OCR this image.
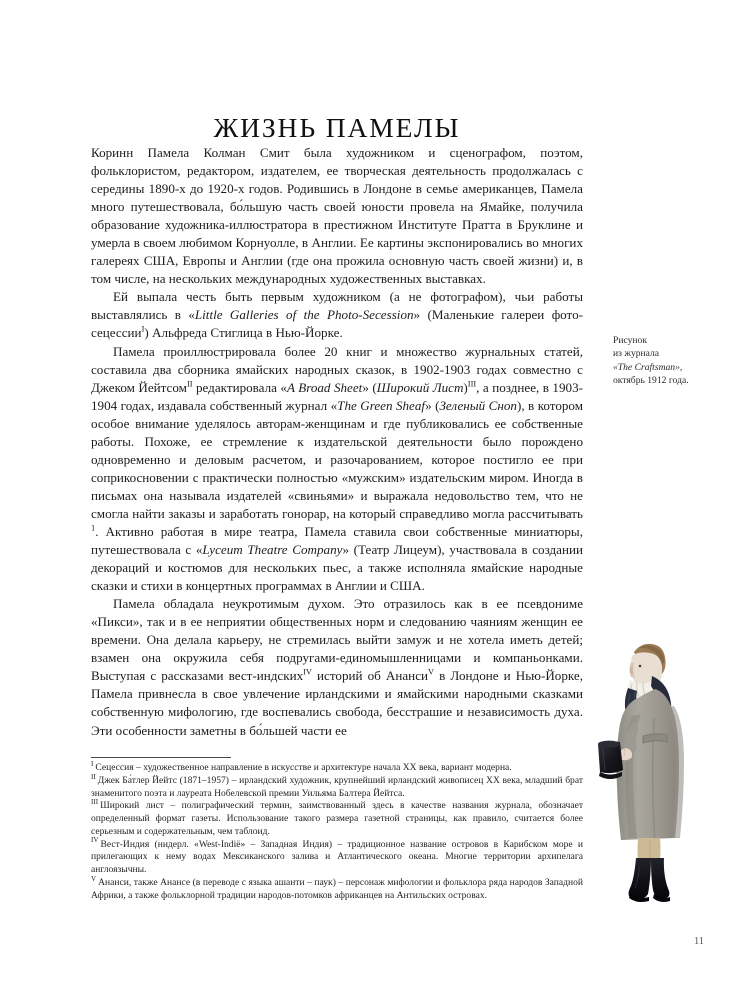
ЖИЗНЬ ПАМЕЛЫ

Коринн Памела Колман Смит была художником и сценографом, поэтом, фольклористом, редактором, издателем, ее творческая деятельность продолжалась с середины 1890-х до 1920-х годов. Родившись в Лондоне в семье американцев, Памела много путешествовала, бо́льшую часть своей юности провела на Ямайке, получила образование художника-иллюстратора в престижном Институте Пратта в Бруклине и умерла в своем любимом Корнуолле, в Англии. Ее картины экспонировались во многих галереях США, Европы и Англии (где она прожила основную часть своей жизни) и, в том числе, на нескольких международных художественных выставках.

Ей выпала честь быть первым художником (а не фотографом), чьи работы выставлялись в «Little Galleries of the Photo-Secession» (Маленькие галереи фото-сецессии$^I$) Альфреда Стиглица в Нью-Йорке.

Памела проиллюстрировала более 20 книг и множество журнальных статей, составила два сборника ямайских народных сказок, в 1902-1903 годах совместно с Джеком Йейтсом$^{II}$ редактировала «A Broad Sheet» (Широкий Лист)$^{III}$, а позднее, в 1903-1904 годах, издавала собственный журнал «The Green Sheaf» (Зеленый Сноп), в котором особое внимание уделялось авторам-женщинам и где публиковались ее собственные работы. Похоже, ее стремление к издательской деятельности было порождено одновременно и деловым расчетом, и разочарованием, которое постигло ее при соприкосновении с практически полностью «мужским» издательским миром. Иногда в письмах она называла издателей «свиньями» и выражала недовольство тем, что не смогла найти заказы и заработать гонорар, на который справедливо могла рассчитывать $^1$. Активно работая в мире театра, Памела ставила свои собственные миниатюры, путешествовала с «Lyceum Theatre Company» (Театр Лицеум), участвовала в создании декораций и костюмов для нескольких пьес, а также исполняла ямайские народные сказки и стихи в концертных программах в Англии и США.

Памела обладала неукротимым духом. Это отразилось как в ее псевдониме «Пикси», так и в ее неприятии общественных норм и следованию чаяниям женщин ее времени. Она делала карьеру, не стремилась выйти замуж и не хотела иметь детей; взамен она окружила себя подругами-единомышленницами и компаньонками. Выступая с рассказами вест-индских$^{IV}$ историй об Ананси$^V$ в Лондоне и Нью-Йорке, Памела привнесла в свое увлечение ирландскими и ямайскими народными сказками собственную мифологию, где воспевались свобода, бесстрашие и независимость духа. Эти особенности заметны в бо́льшей части ее

Рисунок
из журнала
«The Craftsman»,
октябрь 1912 года.

$^I$ Сецессия – художественное направление в искусстве и архитектуре начала XX века, вариант модерна.

$^{II}$ Джек Ба́тлер Йейтс (1871–1957) – ирландский художник, крупнейший ирландский живописец XX века, младший брат знаменитого поэта и лауреата Нобелевской премии Уильяма Балтера Йейтса.

$^{III}$ Широкий лист – полиграфический термин, заимствованный здесь в качестве названия журнала, обозначает определенный формат газеты. Использование такого размера газетной страницы, как правило, считается более серьезным и содержательным, чем таблоид.

$^{IV}$ Вест-Индия (нидерл. «West-Indië» – Западная Индия) – традиционное название островов в Карибском море и прилегающих к нему водах Мексиканского залива и Атлантического океана. Многие территории архипелага англоязычны.

$^V$ Ананси, также Анансе (в переводе с языка ашанти – паук) – персонаж мифологии и фольклора ряда народов Западной Африки, а также фольклорной традиции народов-потомков африканцев на Антильских островах.

11
